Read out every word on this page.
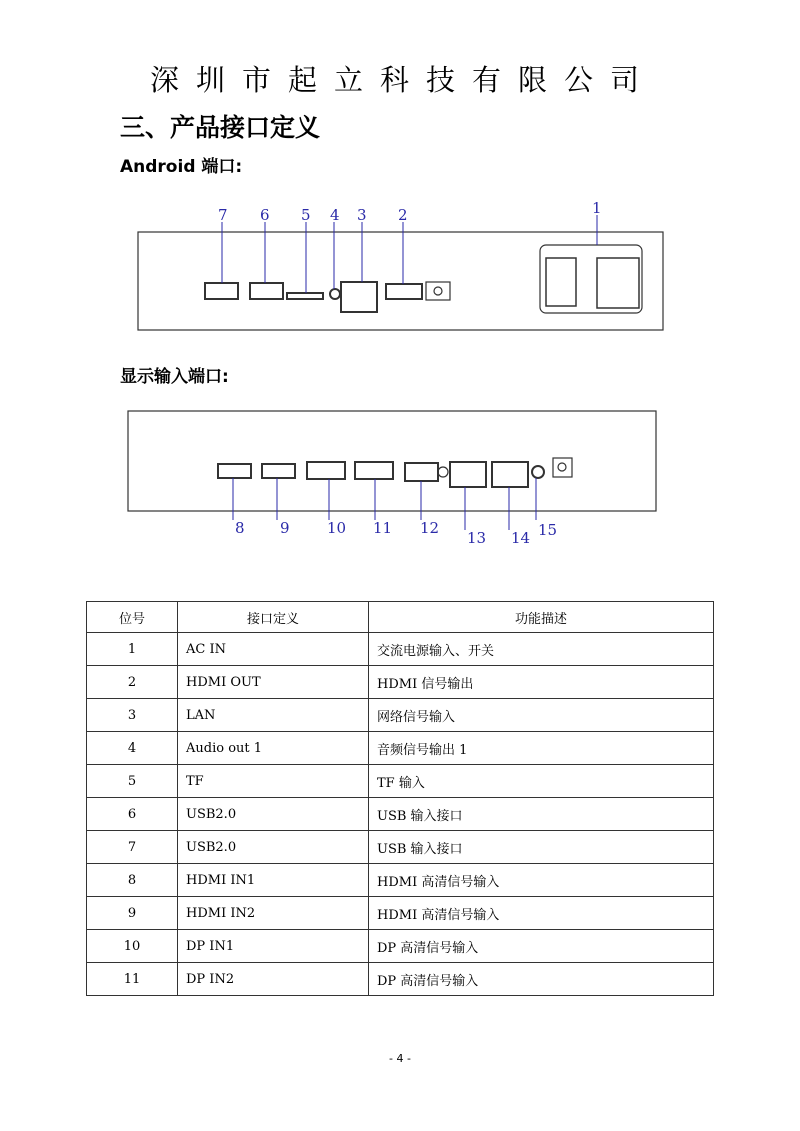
深圳市起立科技有限公司
三、产品接口定义
Android 端口:
显示输入端口:
1
2
3
4
5
6
7
8 9 10 11 12
13 14 15
位号	接口定义	功能描述
1	AC IN	交流电源输入、开关
2	HDMI OUT	HDMI 信号输出
3	LAN	网络信号输入
4	Audio out 1	音频信号输出 1
5	TF	TF 输入
6	USB2.0	USB 输入接口
7	USB2.0	USB 输入接口
8	HDMI IN1	HDMI 高清信号输入
9	HDMI IN2	HDMI 高清信号输入
10	DP IN1	DP 高清信号输入
11	DP IN2	DP 高清信号输入
- 4 -
